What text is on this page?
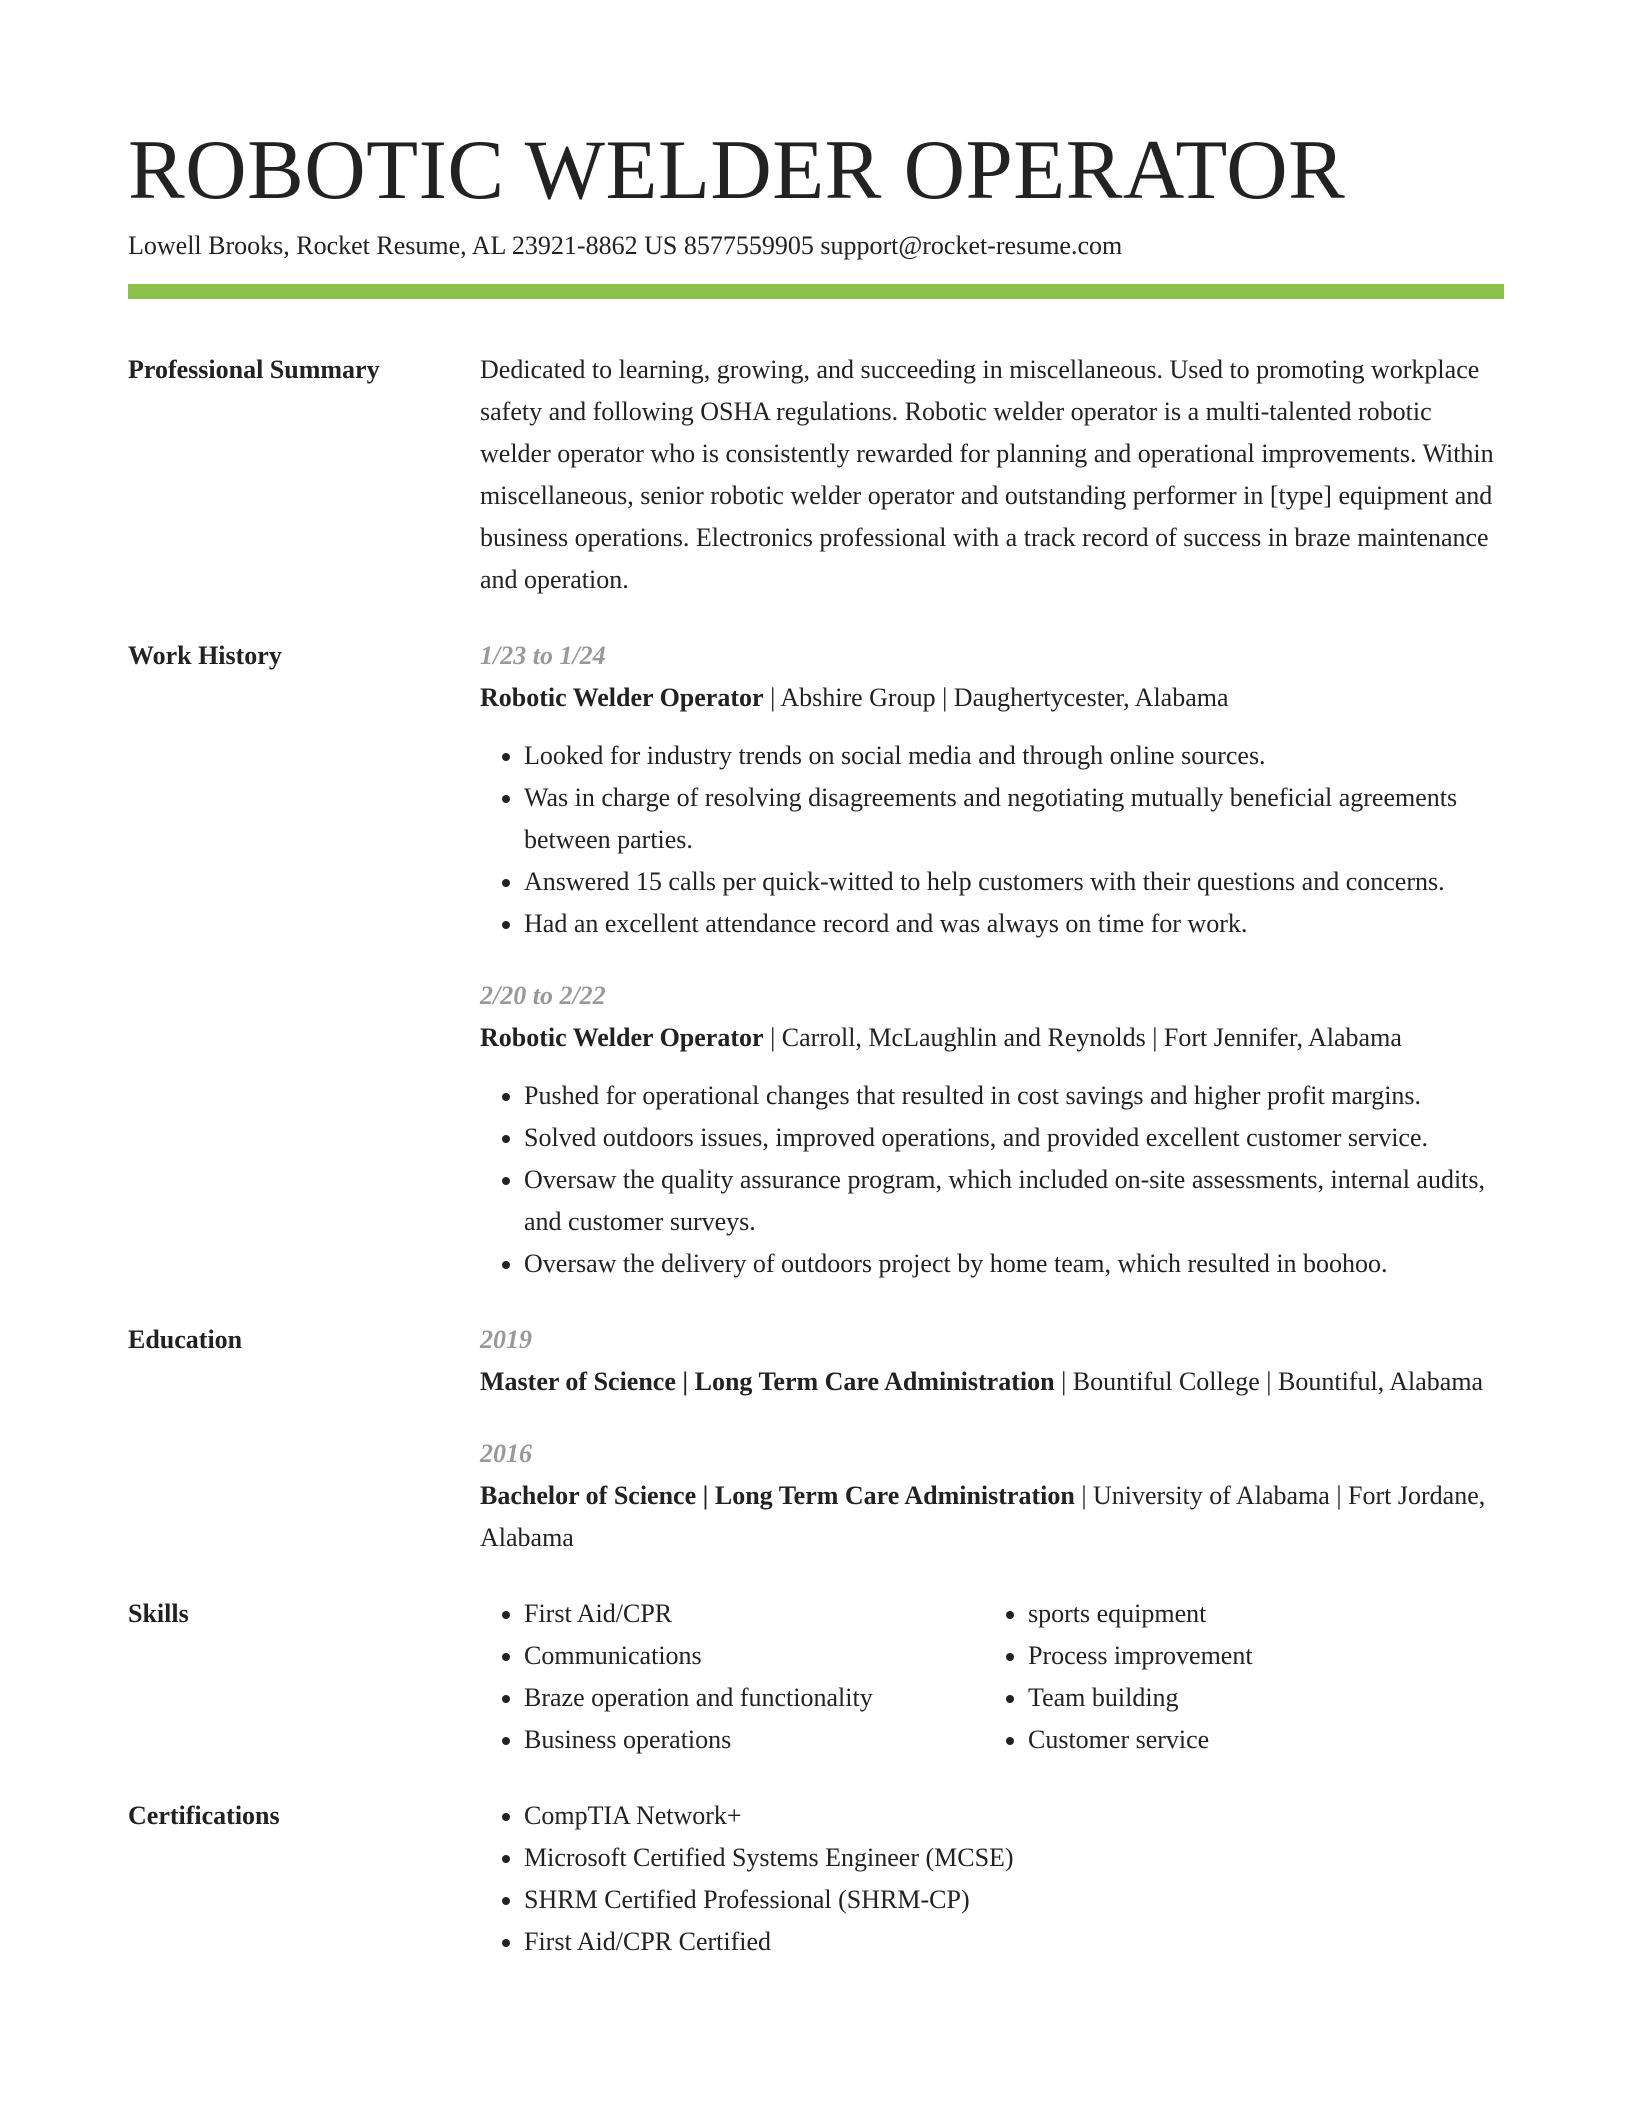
ROBOTIC WELDER OPERATOR
Lowell Brooks, Rocket Resume, AL 23921-8862 US 8577559905 support@rocket-resume.com
Professional Summary	Dedicated to learning, growing, and succeeding in miscellaneous. Used to promoting workplace safety and following OSHA regulations. Robotic welder operator is a multi-talented robotic welder operator who is consistently rewarded for planning and operational improvements. Within miscellaneous, senior robotic welder operator and outstanding performer in [type] equipment and business operations. Electronics professional with a track record of success in braze maintenance and operation.
Work History	1/23 to 1/24
Robotic Welder Operator | Abshire Group | Daughertycester, Alabama
• Looked for industry trends on social media and through online sources.
• Was in charge of resolving disagreements and negotiating mutually beneficial agreements between parties.
• Answered 15 calls per quick-witted to help customers with their questions and concerns.
• Had an excellent attendance record and was always on time for work.
2/20 to 2/22
Robotic Welder Operator | Carroll, McLaughlin and Reynolds | Fort Jennifer, Alabama
• Pushed for operational changes that resulted in cost savings and higher profit margins.
• Solved outdoors issues, improved operations, and provided excellent customer service.
• Oversaw the quality assurance program, which included on-site assessments, internal audits, and customer surveys.
• Oversaw the delivery of outdoors project by home team, which resulted in boohoo.
Education	2019
Master of Science | Long Term Care Administration | Bountiful College | Bountiful, Alabama
2016
Bachelor of Science | Long Term Care Administration | University of Alabama | Fort Jordane, Alabama
Skills	• First Aid/CPR
• Communications
• Braze operation and functionality
• Business operations
• sports equipment
• Process improvement
• Team building
• Customer service
Certifications	• CompTIA Network+
• Microsoft Certified Systems Engineer (MCSE)
• SHRM Certified Professional (SHRM-CP)
• First Aid/CPR Certified
